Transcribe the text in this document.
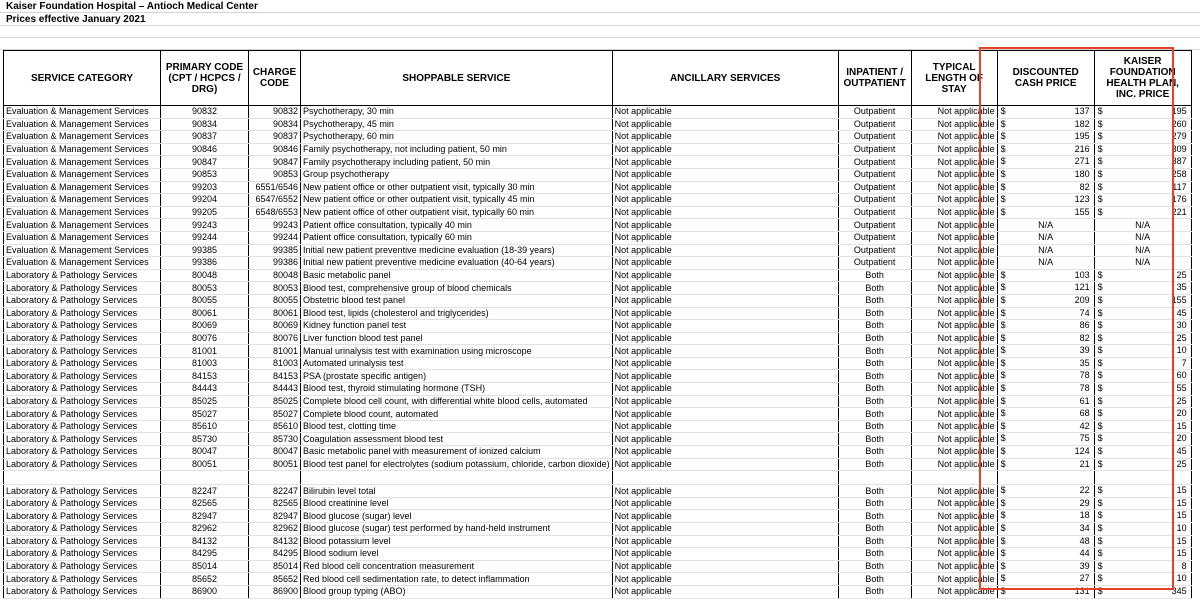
Kaiser Foundation Hospital – Antioch Medical Center
Prices effective January 2021
SERVICE CATEGORY	PRIMARY CODE (CPT / HCPCS / DRG)	CHARGE CODE	SHOPPABLE SERVICE	ANCILLARY SERVICES	INPATIENT / OUTPATIENT	TYPICAL LENGTH OF STAY	DISCOUNTED CASH PRICE	KAISER FOUNDATION HEALTH PLAN, INC. PRICE
Evaluation & Management Services	90832	90832	Psychotherapy, 30 min	Not applicable	Outpatient	Not applicable	$ 137	$ 195

Evaluation & Management Services	90834	90834	Psychotherapy, 45 min	Not applicable	Outpatient	Not applicable	$ 182	$ 260

Evaluation & Management Services	90837	90837	Psychotherapy, 60 min	Not applicable	Outpatient	Not applicable	$ 195	$ 279

Evaluation & Management Services	90846	90846	Family psychotherapy, not including patient, 50 min	Not applicable	Outpatient	Not applicable	$ 216	$ 309

Evaluation & Management Services	90847	90847	Family psychotherapy including patient, 50 min	Not applicable	Outpatient	Not applicable	$ 271	$ 387

Evaluation & Management Services	90853	90853	Group psychotherapy	Not applicable	Outpatient	Not applicable	$ 180	$ 258

Evaluation & Management Services	99203	6551/6546	New patient office or other outpatient visit, typically 30 min	Not applicable	Outpatient	Not applicable	$ 82	$ 117

Evaluation & Management Services	99204	6547/6552	New patient office or other outpatient visit, typically 45 min	Not applicable	Outpatient	Not applicable	$ 123	$ 176

Evaluation & Management Services	99205	6548/6553	New patient office of other outpatient visit, typically 60 min	Not applicable	Outpatient	Not applicable	$ 155	$ 221

Evaluation & Management Services	99243	99243	Patient office consultation, typically 40 min	Not applicable	Outpatient	Not applicable	N/A	N/A

Evaluation & Management Services	99244	99244	Patient office consultation, typically 60 min	Not applicable	Outpatient	Not applicable	N/A	N/A

Evaluation & Management Services	99385	99385	Initial new patient preventive medicine evaluation (18-39 years)	Not applicable	Outpatient	Not applicable	N/A	N/A

Evaluation & Management Services	99386	99386	Initial new patient preventive medicine evaluation (40-64 years)	Not applicable	Outpatient	Not applicable	N/A	N/A

Laboratory & Pathology Services	80048	80048	Basic metabolic panel	Not applicable	Both	Not applicable	$ 103	$ 25

Laboratory & Pathology Services	80053	80053	Blood test, comprehensive group of blood chemicals	Not applicable	Both	Not applicable	$ 121	$ 35

Laboratory & Pathology Services	80055	80055	Obstetric blood test panel	Not applicable	Both	Not applicable	$ 209	$ 155

Laboratory & Pathology Services	80061	80061	Blood test, lipids (cholesterol and triglycerides)	Not applicable	Both	Not applicable	$ 74	$ 45

Laboratory & Pathology Services	80069	80069	Kidney function panel test	Not applicable	Both	Not applicable	$ 86	$ 30

Laboratory & Pathology Services	80076	80076	Liver function blood test panel	Not applicable	Both	Not applicable	$ 82	$ 25

Laboratory & Pathology Services	81001	81001	Manual urinalysis test with examination using microscope	Not applicable	Both	Not applicable	$ 39	$ 10

Laboratory & Pathology Services	81003	81003	Automated urinalysis test	Not applicable	Both	Not applicable	$ 35	$ 7

Laboratory & Pathology Services	84153	84153	PSA (prostate specific antigen)	Not applicable	Both	Not applicable	$ 78	$ 60

Laboratory & Pathology Services	84443	84443	Blood test, thyroid stimulating hormone (TSH)	Not applicable	Both	Not applicable	$ 78	$ 55

Laboratory & Pathology Services	85025	85025	Complete blood cell count, with differential white blood cells, automated	Not applicable	Both	Not applicable	$ 61	$ 25

Laboratory & Pathology Services	85027	85027	Complete blood count, automated	Not applicable	Both	Not applicable	$ 68	$ 20

Laboratory & Pathology Services	85610	85610	Blood test, clotting time	Not applicable	Both	Not applicable	$ 42	$ 15

Laboratory & Pathology Services	85730	85730	Coagulation assessment blood test	Not applicable	Both	Not applicable	$ 75	$ 20

Laboratory & Pathology Services	80047	80047	Basic metabolic panel with measurement of ionized calcium	Not applicable	Both	Not applicable	$ 124	$ 45

Laboratory & Pathology Services	80051	80051	Blood test panel for electrolytes (sodium potassium, chloride, carbon dioxide)	Not applicable	Both	Not applicable	$ 21	$ 25

Laboratory & Pathology Services	82247	82247	Bilirubin level total	Not applicable	Both	Not applicable	$ 22	$ 15

Laboratory & Pathology Services	82565	82565	Blood creatinine level	Not applicable	Both	Not applicable	$ 29	$ 15

Laboratory & Pathology Services	82947	82947	Blood glucose (sugar) level	Not applicable	Both	Not applicable	$ 18	$ 15

Laboratory & Pathology Services	82962	82962	Blood glucose (sugar) test performed by hand-held instrument	Not applicable	Both	Not applicable	$ 34	$ 10

Laboratory & Pathology Services	84132	84132	Blood potassium level	Not applicable	Both	Not applicable	$ 48	$ 15

Laboratory & Pathology Services	84295	84295	Blood sodium level	Not applicable	Both	Not applicable	$ 44	$ 15

Laboratory & Pathology Services	85014	85014	Red blood cell concentration measurement	Not applicable	Both	Not applicable	$ 39	$ 8

Laboratory & Pathology Services	85652	85652	Red blood cell sedimentation rate, to detect inflammation	Not applicable	Both	Not applicable	$ 27	$ 10

Laboratory & Pathology Services	86900	86900	Blood group typing (ABO)	Not applicable	Both	Not applicable	$ 131	$ 345
